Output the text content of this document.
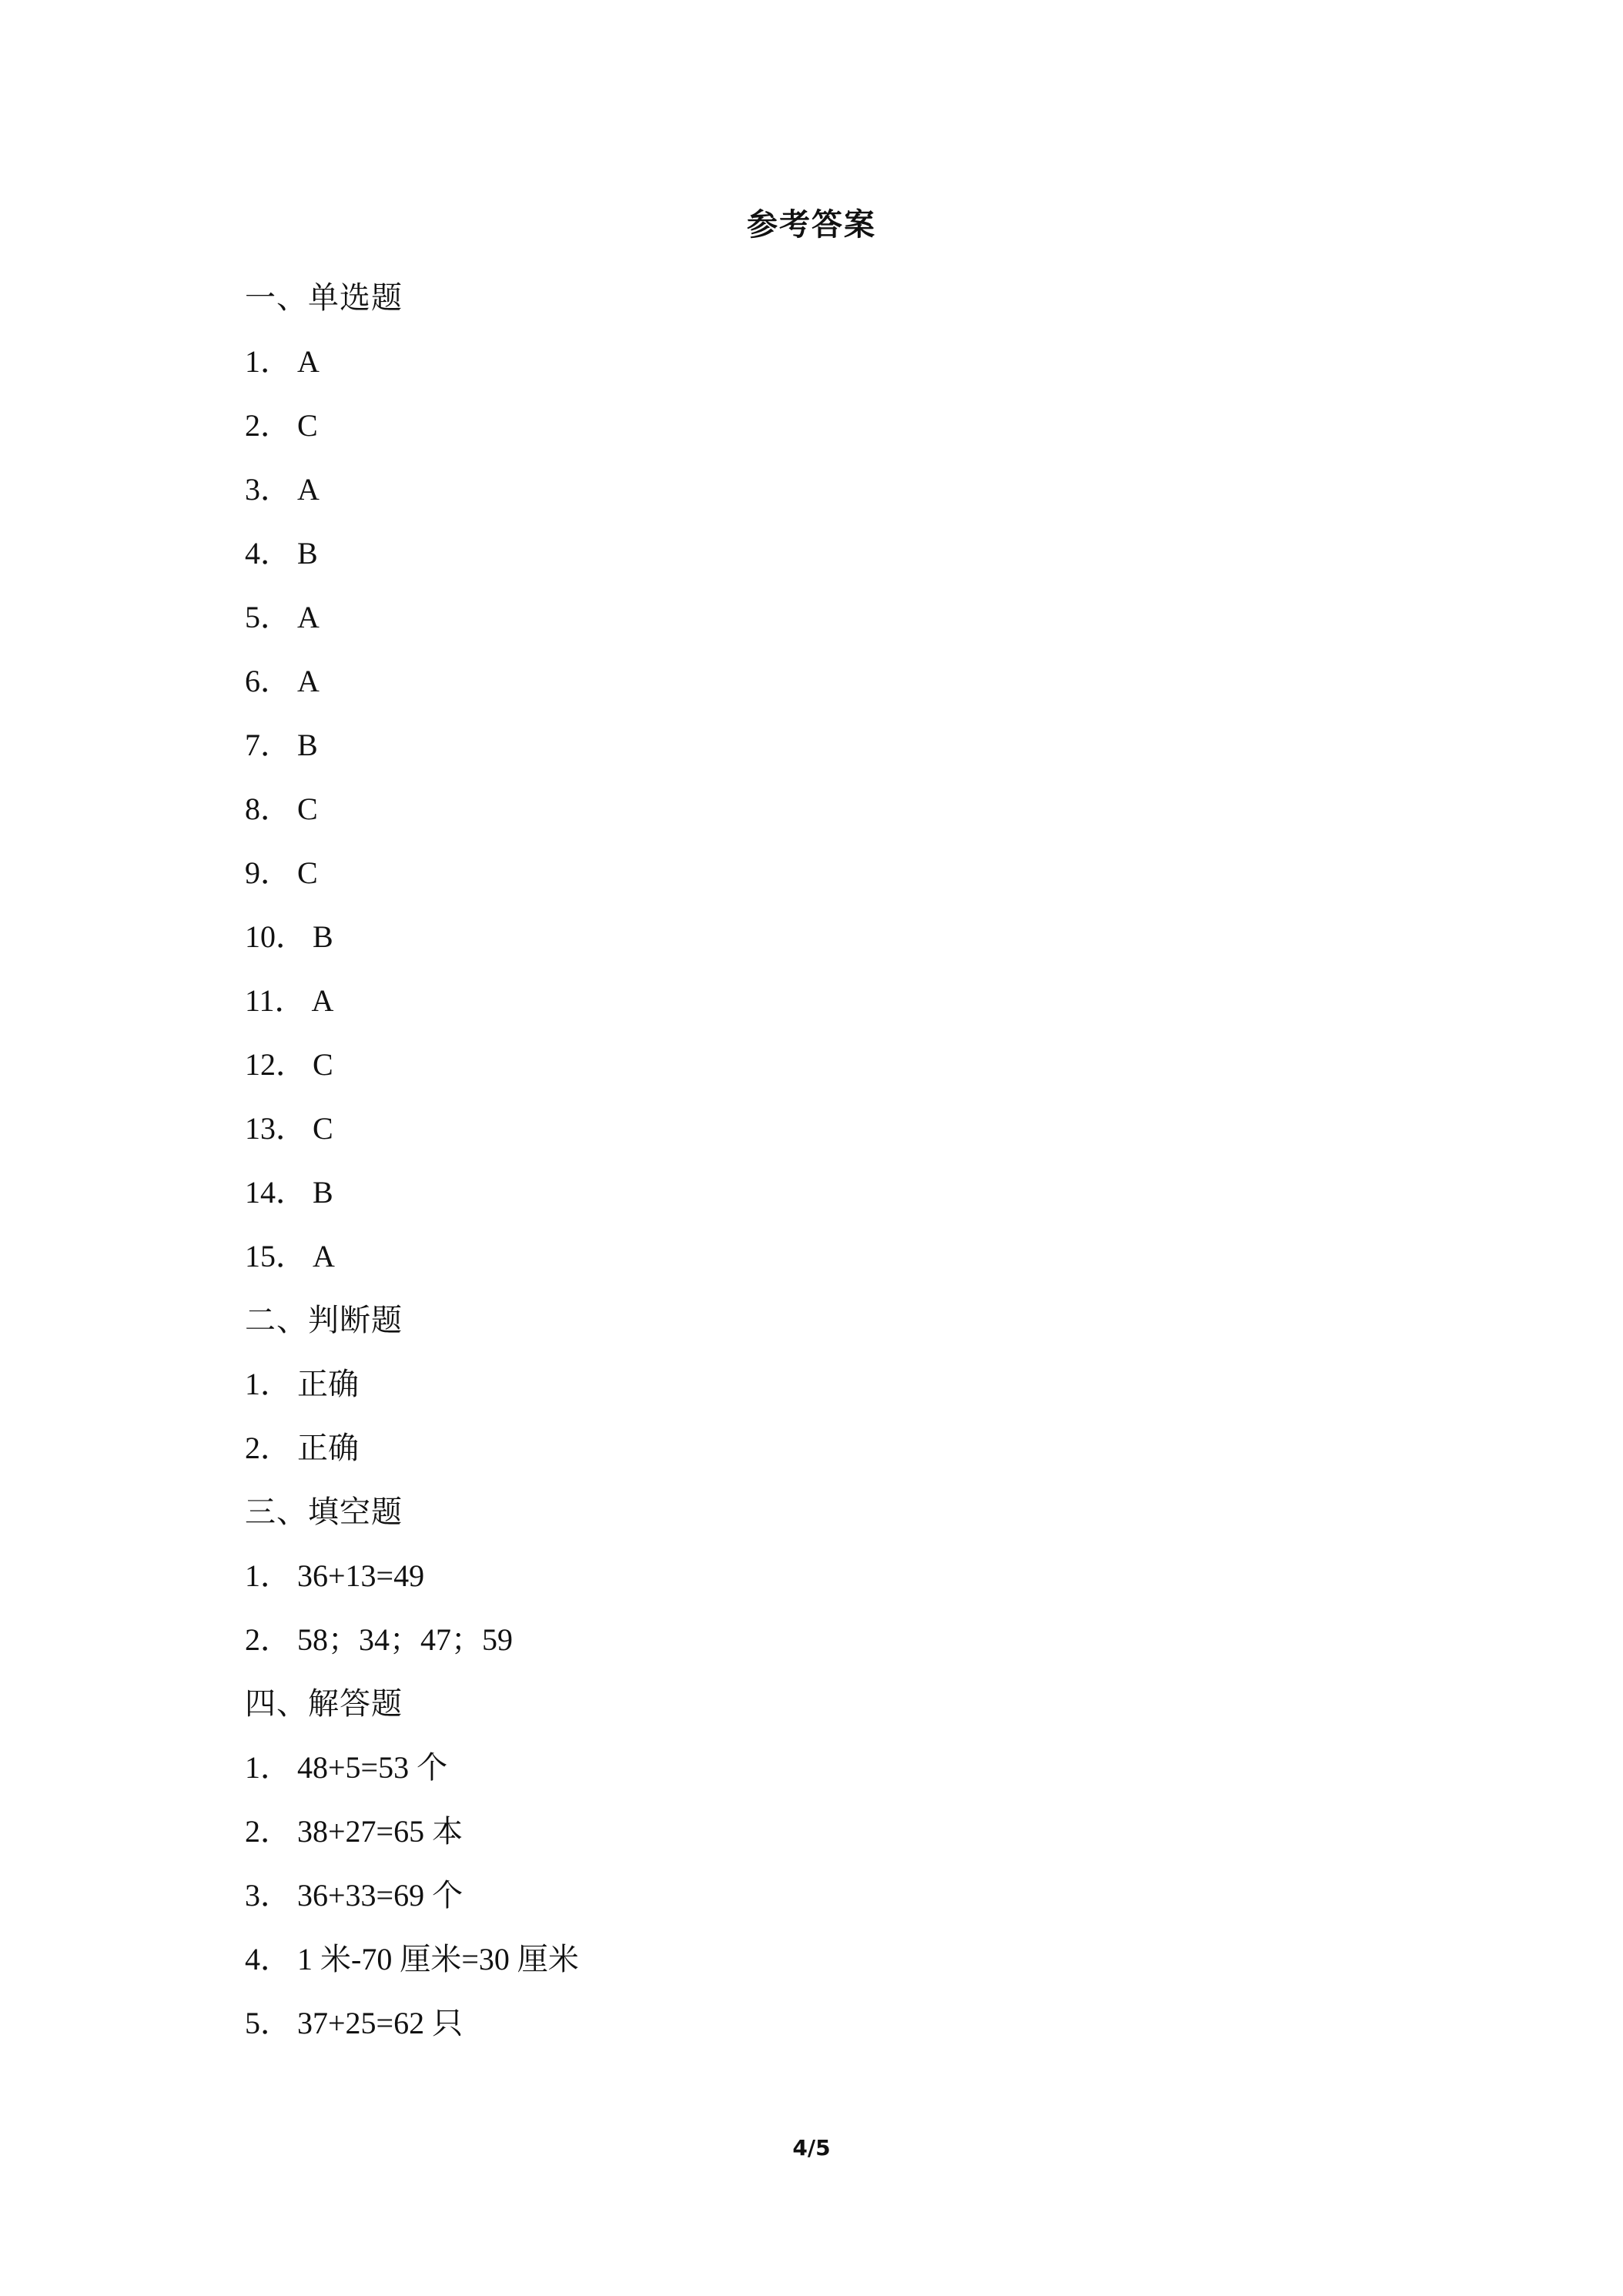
参考答案
一、单选题
1． A
2． C
3． A
4． B
5． A
6． A
7． B
8． C
9． C
10． B
11． A
12． C
13． C
14． B
15． A
二、判断题
1． 正确
2． 正确
三、填空题
1． 36+13=49
2． 58；34；47；59
四、解答题
1． 48+5=53 个
2． 38+27=65 本
3． 36+33=69 个
4． 1 米-70 厘米=30 厘米
5． 37+25=62 只
4/5
